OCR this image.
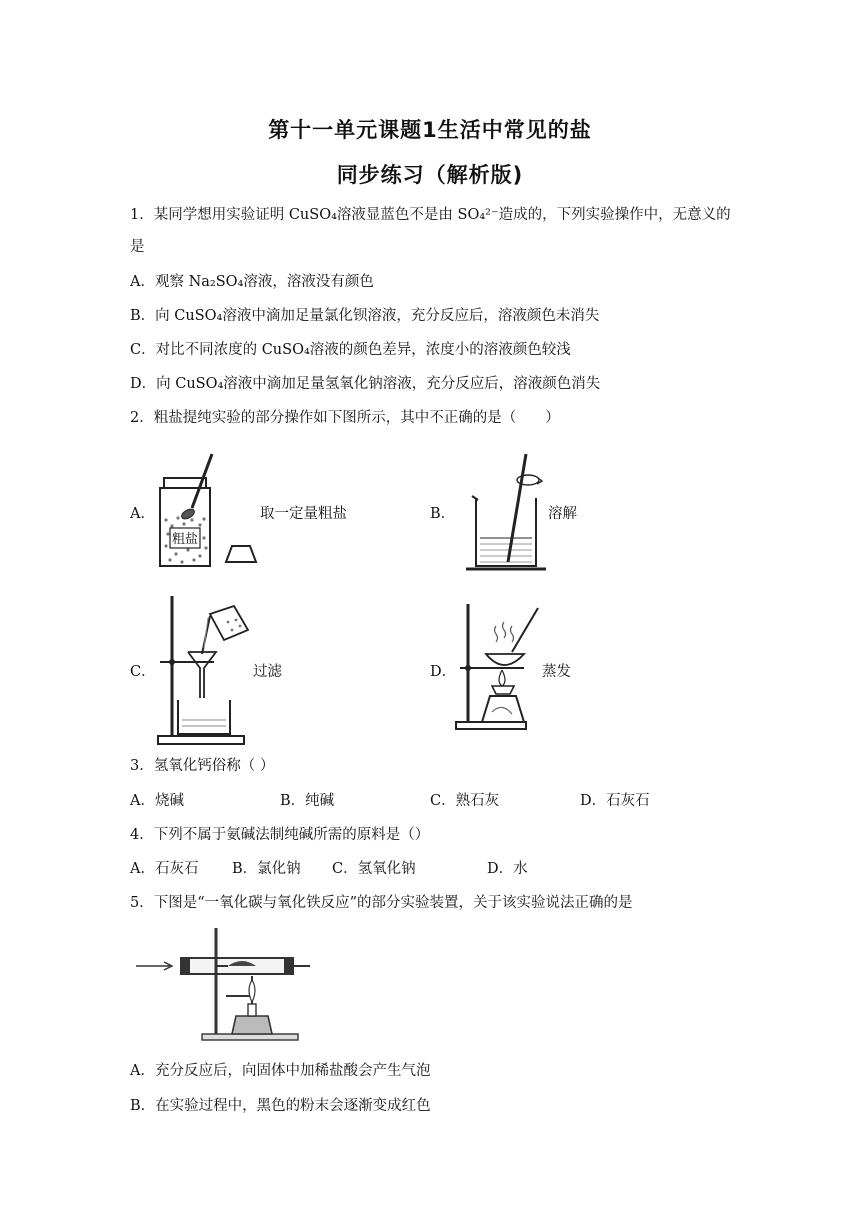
第十一单元课题1生活中常见的盐
同步练习（解析版)
1．某同学想用实验证明 CuSO₄溶液显蓝色不是由 SO₄²⁻造成的，下列实验操作中，无意义的
是
A．观察 Na₂SO₄溶液，溶液没有颜色
B．向 CuSO₄溶液中滴加足量氯化钡溶液，充分反应后，溶液颜色未消失
C．对比不同浓度的 CuSO₄溶液的颜色差异，浓度小的溶液颜色较浅
D．向 CuSO₄溶液中滴加足量氢氧化钠溶液，充分反应后，溶液颜色消失
2．粗盐提纯实验的部分操作如下图所示，其中不正确的是（　　）
A．
粗盐
取一定量粗盐	B．	溶解
C．	过滤	D．	蒸发
3．氢氧化钙俗称（ ）
A．烧碱	B．纯碱	C．熟石灰	D．石灰石
4．下列不属于氨碱法制纯碱所需的原料是（）
A．石灰石 B．氯化钠 C．氢氧化钠	D．水
5．下图是“一氧化碳与氧化铁反应”的部分实验装置，关于该实验说法正确的是
A．充分反应后，向固体中加稀盐酸会产生气泡
B．在实验过程中，黑色的粉末会逐渐变成红色
